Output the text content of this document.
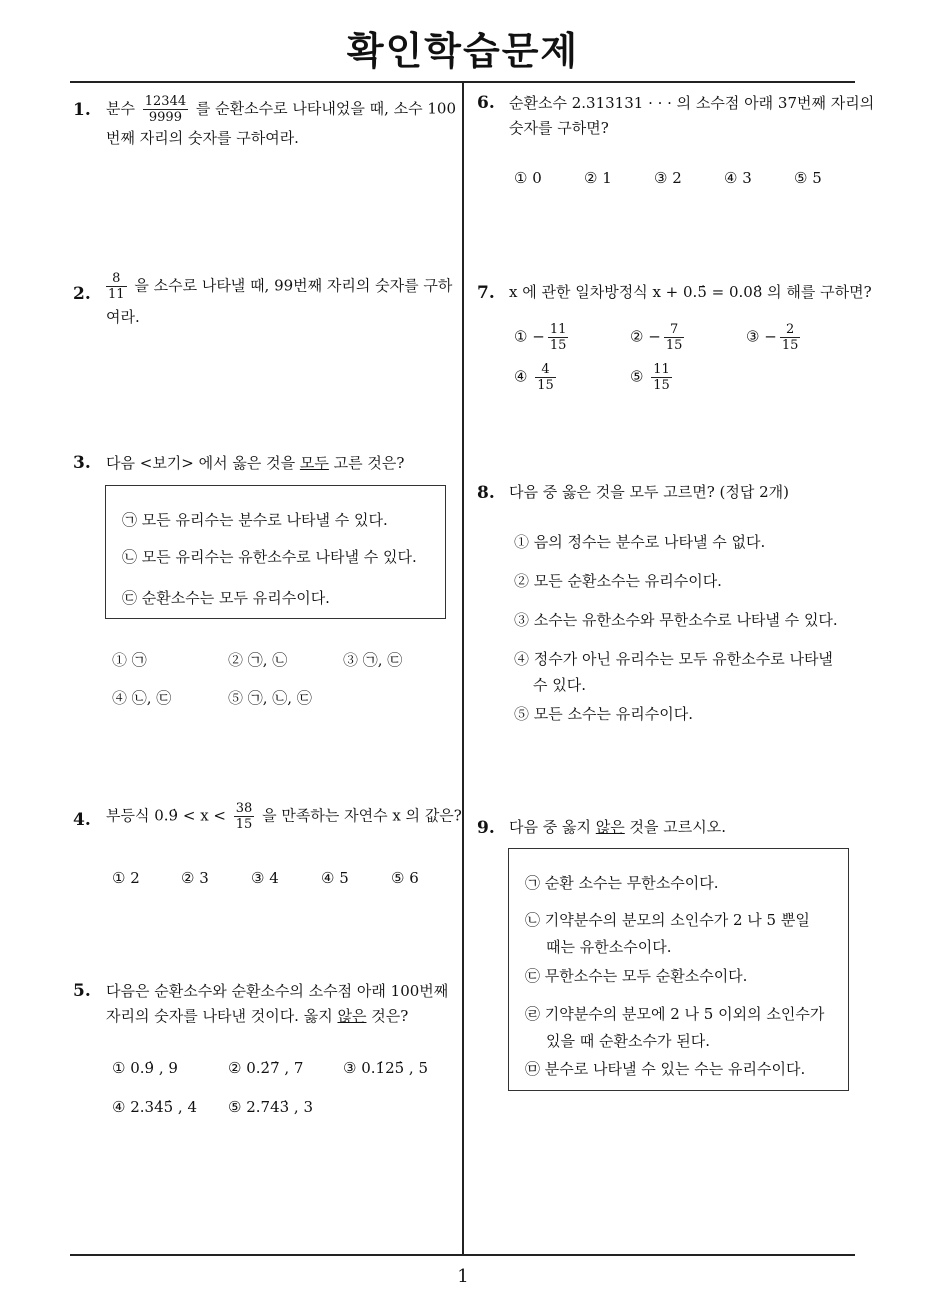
확인학습문제
1
1. 분수 $\frac{12344}{9999}$ 를 순환소수로 나타내었을 때, 소수 100
번째 자리의 숫자를 구하여라.
2. $\frac{8}{11}$ 을 소수로 나타낼 때, 99번째 자리의 숫자를 구하
여라.
3. 다음 <보기> 에서 옳은 것을 모두 고른 것은?
㉠ 모든 유리수는 분수로 나타낼 수 있다.
㉡ 모든 유리수는 유한소수로 나타낼 수 있다.
㉢ 순환소수는 모두 유리수이다.
① ㉠	② ㉠, ㉡	③ ㉠, ㉢
④ ㉡, ㉢	⑤ ㉠, ㉡, ㉢
4. 부등식 0.9̇ < $x < \frac{38}{15}$ 을 만족하는 자연수 x 의 값은?
① 2	② 3	③ 4	④ 5	⑤ 6
5. 다음은 순환소수와 순환소수의 소수점 아래 100번째
자리의 숫자를 나타낸 것이다. 옳지 않은 것은?
① 0.9̇ , 9	② 0.2̇7̇ , 7	③ 0.1̇25̇ , 5
④ 2.34̇5̇ , 4 ⑤ 2.743̇ , 3
6. 순환소수 2.313131 · · · 의 소수점 아래 37번째 자리의
숫자를 구하면?
① 0	② 1	③ 2	④ 3	⑤ 5
7. x 에 관한 일차방정식 x + 0.5̇ = 0.08̇ 의 해를 구하면?
① − $\frac{11}{15}$	② − $\frac{7}{15}$	③ − $\frac{2}{15}$
④ $\frac{4}{15}$	⑤ $\frac{11}{15}$
8. 다음 중 옳은 것을 모두 고르면? (정답 2개)
① 음의 정수는 분수로 나타낼 수 없다.
② 모든 순환소수는 유리수이다.
③ 소수는 유한소수와 무한소수로 나타낼 수 있다.
④ 정수가 아닌 유리수는 모두 유한소수로 나타낼
수 있다.
⑤ 모든 소수는 유리수이다.
9. 다음 중 옳지 않은 것을 고르시오.
㉠ 순환 소수는 무한소수이다.
㉡ 기약분수의 분모의 소인수가 2 나 5 뿐일
때는 유한소수이다.
㉢ 무한소수는 모두 순환소수이다.
㉣ 기약분수의 분모에 2 나 5 이외의 소인수가
있을 때 순환소수가 된다.
㉤ 분수로 나타낼 수 있는 수는 유리수이다.
